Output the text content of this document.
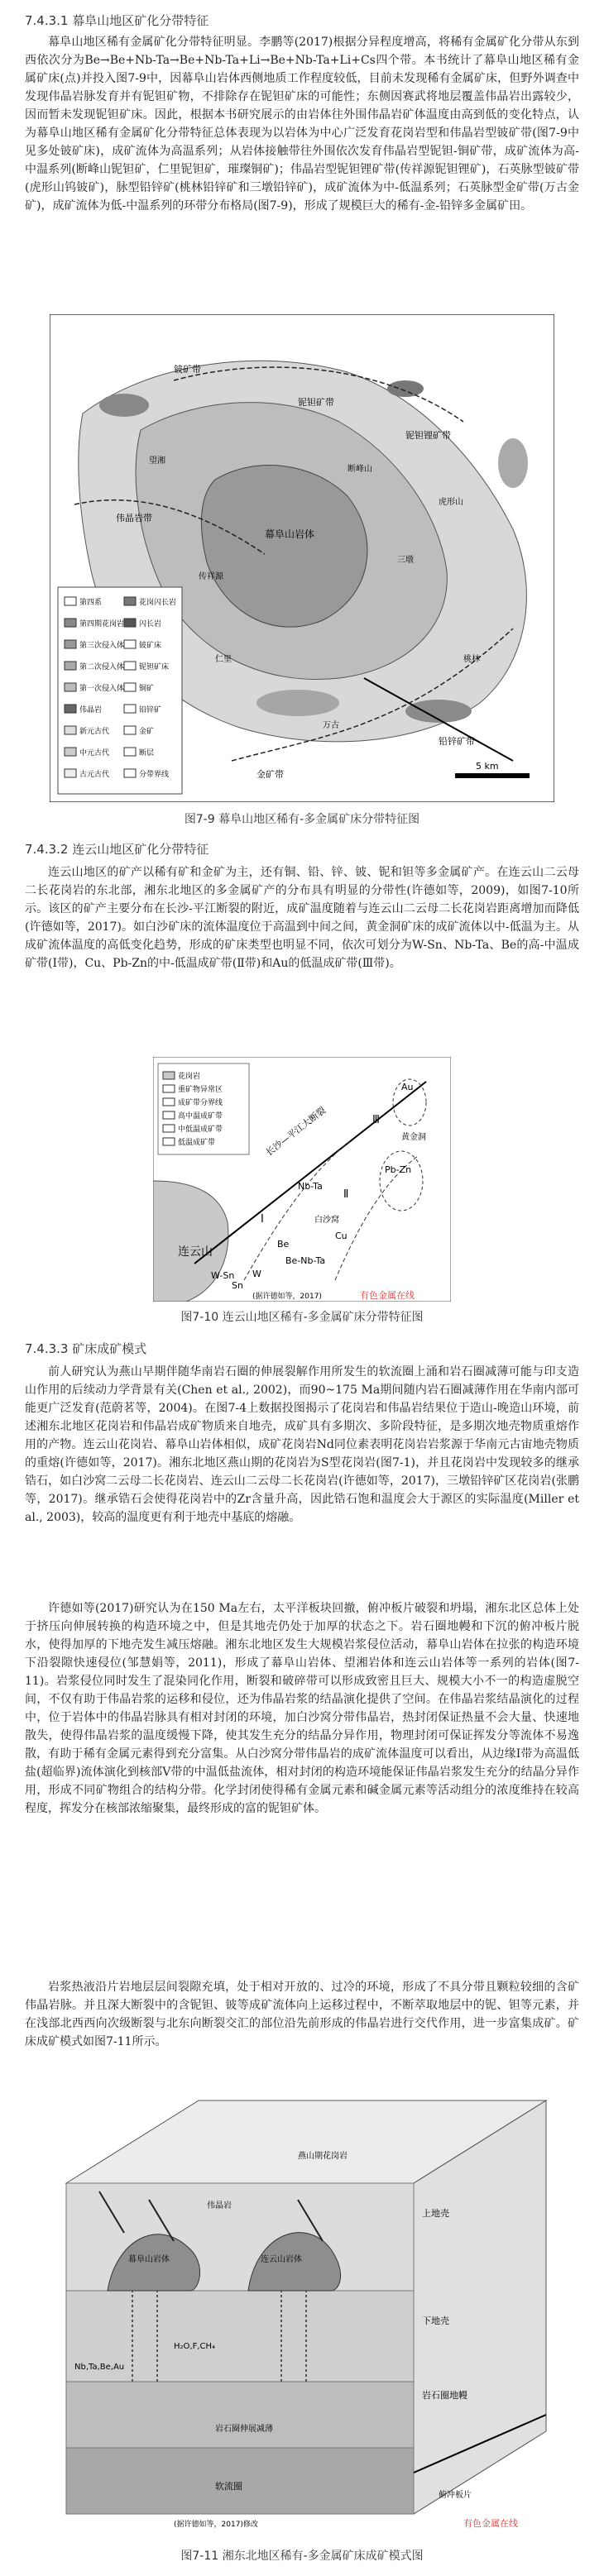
7.4.3.1 幕阜山地区矿化分带特征

幕阜山地区稀有金属矿化分带特征明显。李鹏等(2017)根据分异程度增高，将稀有金属矿化分带从东到西依次分为Be→Be+Nb-Ta→Be+Nb-Ta+Li→Be+Nb-Ta+Li+Cs四个带。本书统计了幕阜山地区稀有金属矿床(点)并投入图7-9中，因幕阜山岩体西侧地质工作程度较低，目前未发现稀有金属矿床，但野外调查中发现伟晶岩脉发育并有铌钽矿物，不排除存在铌钽矿床的可能性；东侧因赛武将地层覆盖伟晶岩出露较少，因而暂未发现铌钽矿床。因此，根据本书研究展示的由岩体往外围伟晶岩矿体温度由高到低的变化特点，认为幕阜山地区稀有金属矿化分带特征总体表现为以岩体为中心广泛发育花岗岩型和伟晶岩型铍矿带(图7-9中见多处铍矿床)，成矿流体为高温系列；从岩体接触带往外围依次发育伟晶岩型铌钽-铜矿带，成矿流体为高-中温系列(断峰山铌钽矿，仁里铌钽矿，璀璨铜矿)；伟晶岩型铌钽锂矿带(传祥源铌钽锂矿)，石英脉型铍矿带(虎形山钨铍矿)，脉型铅锌矿(桃林铅锌矿和三墩铅锌矿)，成矿流体为中-低温系列；石英脉型金矿带(万古金矿)，成矿流体为低-中温系列的环带分布格局(图7-9)，形成了规模巨大的稀有-金-铅锌多金属矿田。

铍矿带
铌钽矿带
铌钽锂矿带
铅锌矿带
金矿带
伟晶岩带
幕阜山岩体
望湘
三墩
桃林
万古
仁里
断峰山
虎形山
传祥源
第四系
第四期花岗岩
第三次侵入体
第二次侵入体
第一次侵入体
伟晶岩
新元古代
中元古代
古元古代
花岗闪长岩
闪长岩
铍矿床
铌钽矿床
铜矿
铅锌矿
金矿
断层
分带界线
5 km
图7-9 幕阜山地区稀有-多金属矿床分带特征图
7.4.3.2 连云山地区矿化分带特征

连云山地区的矿产以稀有矿和金矿为主，还有铜、铅、锌、铍、铌和钽等多金属矿产。在连云山二云母二长花岗岩的东北部，湘东北地区的多金属矿产的分布具有明显的分带性(许德如等，2009)，如图7-10所示。该区的矿产主要分布在长沙-平江断裂的附近，成矿温度随着与连云山二云母二长花岗岩距离增加而降低(许德如等，2017)。如白沙矿床的流体温度位于高温到中间之间，黄金洞矿床的成矿流体以中-低温为主。从成矿流体温度的高低变化趋势，形成的矿床类型也明显不同，依次可划分为W-Sn、Nb-Ta、Be的高-中温成矿带(Ⅰ带)，Cu、Pb-Zn的中-低温成矿带(Ⅱ带)和Au的低温成矿带(Ⅲ带)。

花岗岩
重矿物异常区
成矿带分界线
高中温成矿带
中低温成矿带
低温成矿带	长沙—平江大断裂
连云山
Ⅰ
Ⅱ
Ⅲ
W
Sn
W-Sn
Nb-Ta
Be
Be-Nb-Ta
Cu
Pb-Zn
Au
白沙窝
黄金洞
(据许德如等，2017)	有色金属在线
图7-10 连云山地区稀有-多金属矿床分带特征图
7.4.3.3 矿床成矿模式

前人研究认为燕山早期伴随华南岩石圈的伸展裂解作用所发生的软流圈上涌和岩石圈减薄可能与印支造山作用的后续动力学背景有关(Chen et al., 2002)，而90~175 Ma期间随内岩石圈减薄作用在华南内部可能更广泛发育(范蔚茗等，2004)。在图7-4上数据投图揭示了花岗岩和伟晶岩结果位于造山-晚造山环境，前述湘东北地区花岗岩和伟晶岩成矿物质来自地壳，成矿具有多期次、多阶段特征，是多期次地壳物质重熔作用的产物。连云山花岗岩、幕阜山岩体相似，成矿花岗岩Nd同位素表明花岗岩岩浆源于华南元古宙地壳物质的重熔(许德如等，2017)。湘东北地区燕山期的花岗岩为S型花岗岩(图7-1)，并且花岗岩中发现较多的继承锆石，如白沙窝二云母二长花岗岩、连云山二云母二长花岗岩(许德如等，2017)，三墩铅锌矿区花岗岩(张鹏等，2017)。继承锆石会使得花岗岩中的Zr含量升高，因此锆石饱和温度会大于源区的实际温度(Miller et al., 2003)，较高的温度更有利于地壳中基底的熔融。

许德如等(2017)研究认为在150 Ma左右，太平洋板块回撤，俯冲板片破裂和坍塌，湘东北区总体上处于挤压向伸展转换的构造环境之中，但是其地壳仍处于加厚的状态之下。岩石圈地幔和下沉的俯冲板片脱水，使得加厚的下地壳发生减压熔融。湘东北地区发生大规模岩浆侵位活动，幕阜山岩体在拉张的构造环境下沿裂隙快速侵位(邹慧娟等，2011)，形成了幕阜山岩体、望湘岩体和连云山岩体等一系列的岩体(图7-11)。岩浆侵位同时发生了混染同化作用，断裂和破碎带可以形成致密且巨大、规模大小不一的构造虚脱空间，不仅有助于伟晶岩浆的运移和侵位，还为伟晶岩浆的结晶演化提供了空间。在伟晶岩浆结晶演化的过程中，位于岩体中的伟晶岩脉具有相对封闭的环境，加白沙窝分带伟晶岩，热封闭保证热量不会大量、快速地散失，使得伟晶岩浆的温度缓慢下降，使其发生充分的结晶分异作用，物理封闭可保证挥发分等流体不易逸散，有助于稀有金属元素得到充分富集。从白沙窝分带伟晶岩的成矿流体温度可以看出，从边缘Ⅰ带为高温低盐(超临界)流体演化到核部Ⅴ带的中温低盐流体，相对封闭的构造环境能保证伟晶岩浆发生充分的结晶分异作用，形成不同矿物组合的结构分带。化学封闭使得稀有金属元素和碱金属元素等活动组分的浓度维持在较高程度，挥发分在核部浓缩聚集，最终形成的富的铌钽矿体。

岩浆热液沿片岩地层层间裂隙充填，处于相对开放的、过冷的环境，形成了不具分带且颗粒较细的含矿伟晶岩脉。并且深大断裂中的含铌钽、铍等成矿流体向上运移过程中，不断萃取地层中的铌、钽等元素，并在浅部北西西向次级断裂与北东向断裂交汇的部位沿先前形成的伟晶岩进行交代作用，进一步富集成矿。矿床成矿模式如图7-11所示。

幕阜山岩体	连云山岩体
伟晶岩
上地壳
下地壳
岩石圈地幔
软流圈
俯冲板片
H₂O,F,CH₄
Nb,Ta,Be,Au
岩石圈伸展减薄
燕山期花岗岩
(据许德如等，2017)修改	有色金属在线
图7-11 湘东北地区稀有-多金属矿床成矿模式图
